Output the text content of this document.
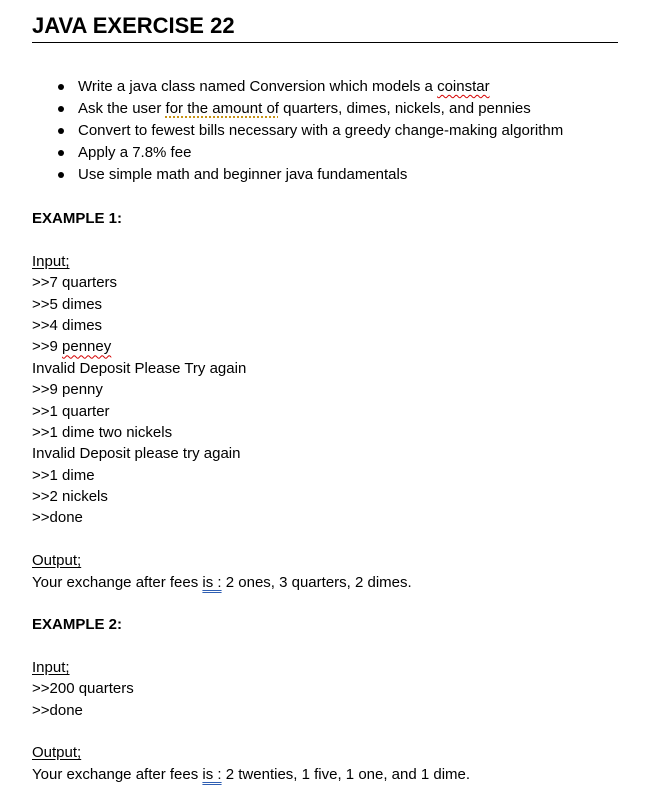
JAVA EXERCISE 22
Write a java class named Conversion which models a coinstar
Ask the user for the amount of quarters, dimes, nickels, and pennies
Convert to fewest bills necessary with a greedy change-making algorithm
Apply a 7.8% fee
Use simple math and beginner java fundamentals
EXAMPLE 1:
Input;
>>7 quarters
>>5 dimes
>>4 dimes
>>9 penney
Invalid Deposit Please Try again
>>9 penny
>>1 quarter
>>1 dime two nickels
Invalid Deposit please try again
>>1 dime
>>2 nickels
>>done
Output;
Your exchange after fees is : 2 ones, 3 quarters, 2 dimes.
EXAMPLE 2:
Input;
>>200 quarters
>>done
Output;
Your exchange after fees is : 2 twenties, 1 five, 1 one, and 1 dime.
